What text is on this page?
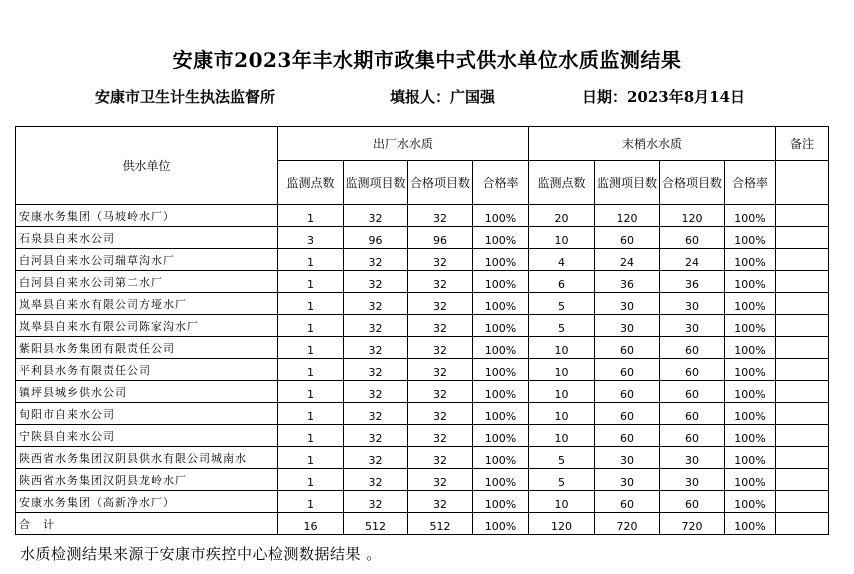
安康市2023年丰水期市政集中式供水单位水质监测结果
安康市卫生计生执法监督所	填报人：广国强	日期：2023年8月14日
供水单位	出厂水水质				末梢水水质				备注
	监测点数	监测项目数	合格项目数	合格率	监测点数	监测项目数	合格项目数	合格率	
安康水务集团（马坡岭水厂）	1	32	32	100%	20	120	120	100%	
石泉县自来水公司	3	96	96	100%	10	60	60	100%	
白河县自来水公司瑞草沟水厂	1	32	32	100%	4	24	24	100%	
白河县自来水公司第二水厂	1	32	32	100%	6	36	36	100%	
岚皋县自来水有限公司方垭水厂	1	32	32	100%	5	30	30	100%	
岚皋县自来水有限公司陈家沟水厂	1	32	32	100%	5	30	30	100%	
紫阳县水务集团有限责任公司	1	32	32	100%	10	60	60	100%	
平利县水务有限责任公司	1	32	32	100%	10	60	60	100%	
镇坪县城乡供水公司	1	32	32	100%	10	60	60	100%	
旬阳市自来水公司	1	32	32	100%	10	60	60	100%	
宁陕县自来水公司	1	32	32	100%	10	60	60	100%	
陕西省水务集团汉阴县供水有限公司城南水	1	32	32	100%	5	30	30	100%	
陕西省水务集团汉阴县龙岭水厂	1	32	32	100%	5	30	30	100%	
安康水务集团（高新净水厂）	1	32	32	100%	10	60	60	100%	
合　计	16	512	512	100%	120	720	720	100%	
水质检测结果来源于安康市疾控中心检测数据结果 。
